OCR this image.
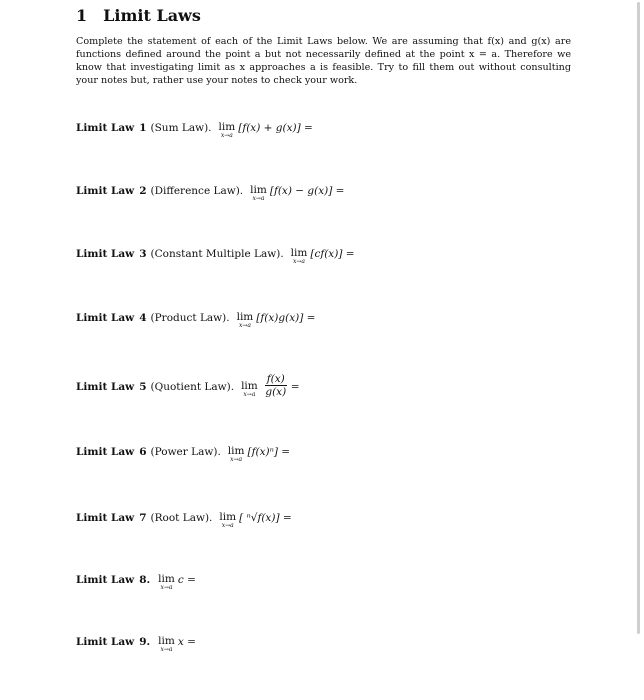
1 Limit Laws
Complete the statement of each of the Limit Laws below. We are assuming that f(x) and g(x) are functions defined around the point a but not necessarily defined at the point x = a. Therefore we know that investigating limit as x approaches a is feasible. Try to fill them out without consulting your notes but, rather use your notes to check your work.
Limit Law 1 (Sum Law). lim
x→a
[f(x) + g(x)] =
Limit Law 2 (Difference Law). lim
x→a
[f(x) − g(x)] =
Limit Law 3 (Constant Multiple Law). lim
x→a
[cf(x)] =
Limit Law 4 (Product Law). lim
x→a
[f(x)g(x)] =
Limit Law 5 (Quotient Law). lim
$x\to a \frac{f(x)}{g(x)}$ =
Limit Law 6 (Power Law). lim
x→a
[f(x)ⁿ] =
Limit Law 7 (Root Law). lim
x→a
[ ⁿ√f(x)] =
Limit Law 8. lim
x→a
c =
Limit Law 9. lim
x→a
x =
